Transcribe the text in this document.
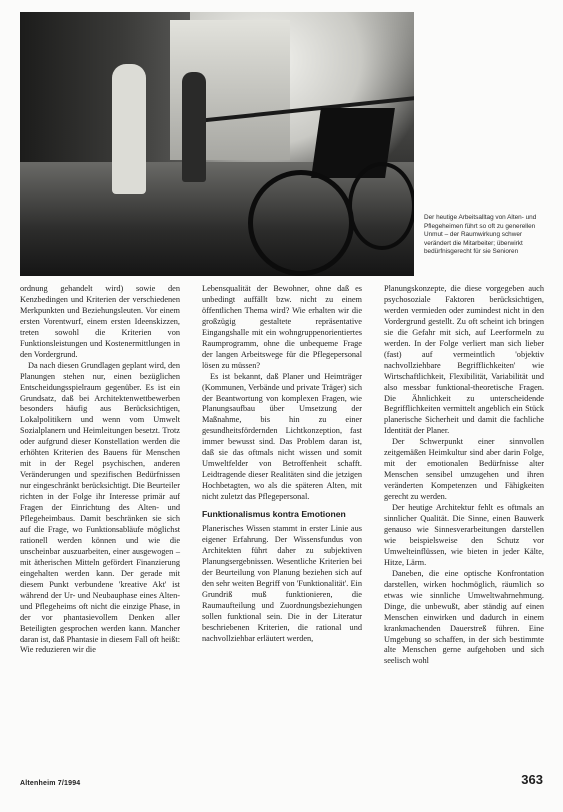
Der heutige Arbeitsalltag von Alten- und Pflegeheimen führt so oft zu generellen Unmut – der Raumwirkung schwer verändert die Mitarbeiter; überwirkt bedürfnisgerecht für sie Senioren

ordnung gehandelt wird) sowie den Kenzbedingen und Kriterien der verschiedenen Merkpunkten und Beziehungsleuten. Vor einem ersten Vorentwurf, einem ersten Ideenskizzen, treten sowohl die Kriterien von Funktionsleistungen und Kostenermittlungen in den Vordergrund.

Da nach diesen Grundlagen geplant wird, den Planungen stehen nur, einen bezüglichen Entscheidungsspielraum gegenüber. Es ist ein Grundsatz, daß bei Architektenwettbewerben besonders häufig aus Berücksichtigen, Lokalpolitikern und wenn vom Umwelt Sozialplanern und Heimleitungen besetzt. Trotz oder aufgrund dieser Konstellation werden die erhöhten Kriterien des Bauens für Menschen mit in der Regel psychischen, anderen Veränderungen und spezifischen Bedürfnissen nur eingeschränkt berücksichtigt. Die Beurteiler richten in der Folge ihr Interesse primär auf Fragen der Einrichtung des Alten- und Pflegeheimbaus. Damit beschränken sie sich auf die Frage, wo Funktionsabläufe möglichst rationell werden können und wie die unscheinbar auszuarbeiten, einer ausgewogen – mit ätherischen Mitteln gefördert Finanzierung eingehalten werden kann. Der gerade mit diesem Punkt verbundene 'kreative Akt' ist während der Ur- und Neubauphase eines Alten- und Pflegeheims oft nicht die einzige Phase, in der vor phantasievollem Denken aller Beteiligten gesprochen werden kann. Mancher daran ist, daß Phantasie in diesem Fall oft heißt: Wie reduzieren wir die

Lebensqualität der Bewohner, ohne daß es unbedingt auffällt bzw. nicht zu einem öffentlichen Thema wird? Wie erhalten wir die großzügig gestaltete repräsentative Eingangshalle mit ein wohngruppenorientiertes Raumprogramm, ohne die unbequeme Frage der langen Arbeitswege für die Pflegepersonal lösen zu müssen?

Es ist bekannt, daß Planer und Heimträger (Kommunen, Verbände und private Träger) sich der Beantwortung von komplexen Fragen, wie Planungsaufbau über Umsetzung der Maßnahme, bis hin zu einer gesundheitsfördernden Lichtkonzeption, fast immer bewusst sind. Das Problem daran ist, daß sie das oftmals nicht wissen und somit Umweltfelder von Betroffenheit schafft. Leidtragende dieser Realitäten sind die jetzigen Hochbetagten, wo als die späteren Alten, mit nicht zuletzt das Pflegepersonal.

Funktionalismus kontra Emotionen

Planerisches Wissen stammt in erster Linie aus eigener Erfahrung. Der Wissensfundus von Architekten führt daher zu subjektiven Planungsergebnissen. Wesentliche Kriterien bei der Beurteilung von Planung beziehen sich auf den sehr weiten Begriff von 'Funktionalität'. Ein Grundriß muß funktionieren, die Raumaufteilung und Zuordnungsbeziehungen sollen funktional sein. Die in der Literatur beschriebenen Kriterien, die rational und nachvollziehbar erläutert werden,

Planungskonzepte, die diese vorgegeben auch psychosoziale Faktoren berücksichtigen, werden vermieden oder zumindest nicht in den Vordergrund gestellt. Zu oft scheint ich bringen sie die Gefahr mit sich, auf Leerformeln zu werden. In der Folge verliert man sich lieber (fast) auf vermeintlich 'objektiv nachvollziehbare Begrifflichkeiten' wie Wirtschaftlichkeit, Flexibilität, Variabilität und also messbar funktional-theoretische Fragen. Die Ähnlichkeit zu unterscheidende Begrifflichkeiten vermittelt angeblich ein Stück planerische Sicherheit und damit die fachliche Identität der Planer.

Der Schwerpunkt einer sinnvollen zeitgemäßen Heimkultur sind aber darin Folge, mit der emotionalen Bedürfnisse alter Menschen sensibel umzugehen und ihren veränderten Kompetenzen und Fähigkeiten gerecht zu werden.

Der heutige Architektur fehlt es oftmals an sinnlicher Qualität. Die Sinne, einen Bauwerk genauso wie Sinnesverarbeitungen darstellen wie beispielsweise den Schutz vor Umwelteinflüssen, wie bieten in jeder Kälte, Hitze, Lärm.

Daneben, die eine optische Konfrontation darstellen, wirken hochmöglich, räumlich so etwas wie sinnliche Umweltwahrnehmung. Dinge, die unbewußt, aber ständig auf einen Menschen einwirken und dadurch in einem krankmachenden Dauerstreß führen. Eine Umgebung so schaffen, in der sich bestimmte alte Menschen gerne aufgehoben und sich seelisch wohl

Altenheim 7/1994	363
